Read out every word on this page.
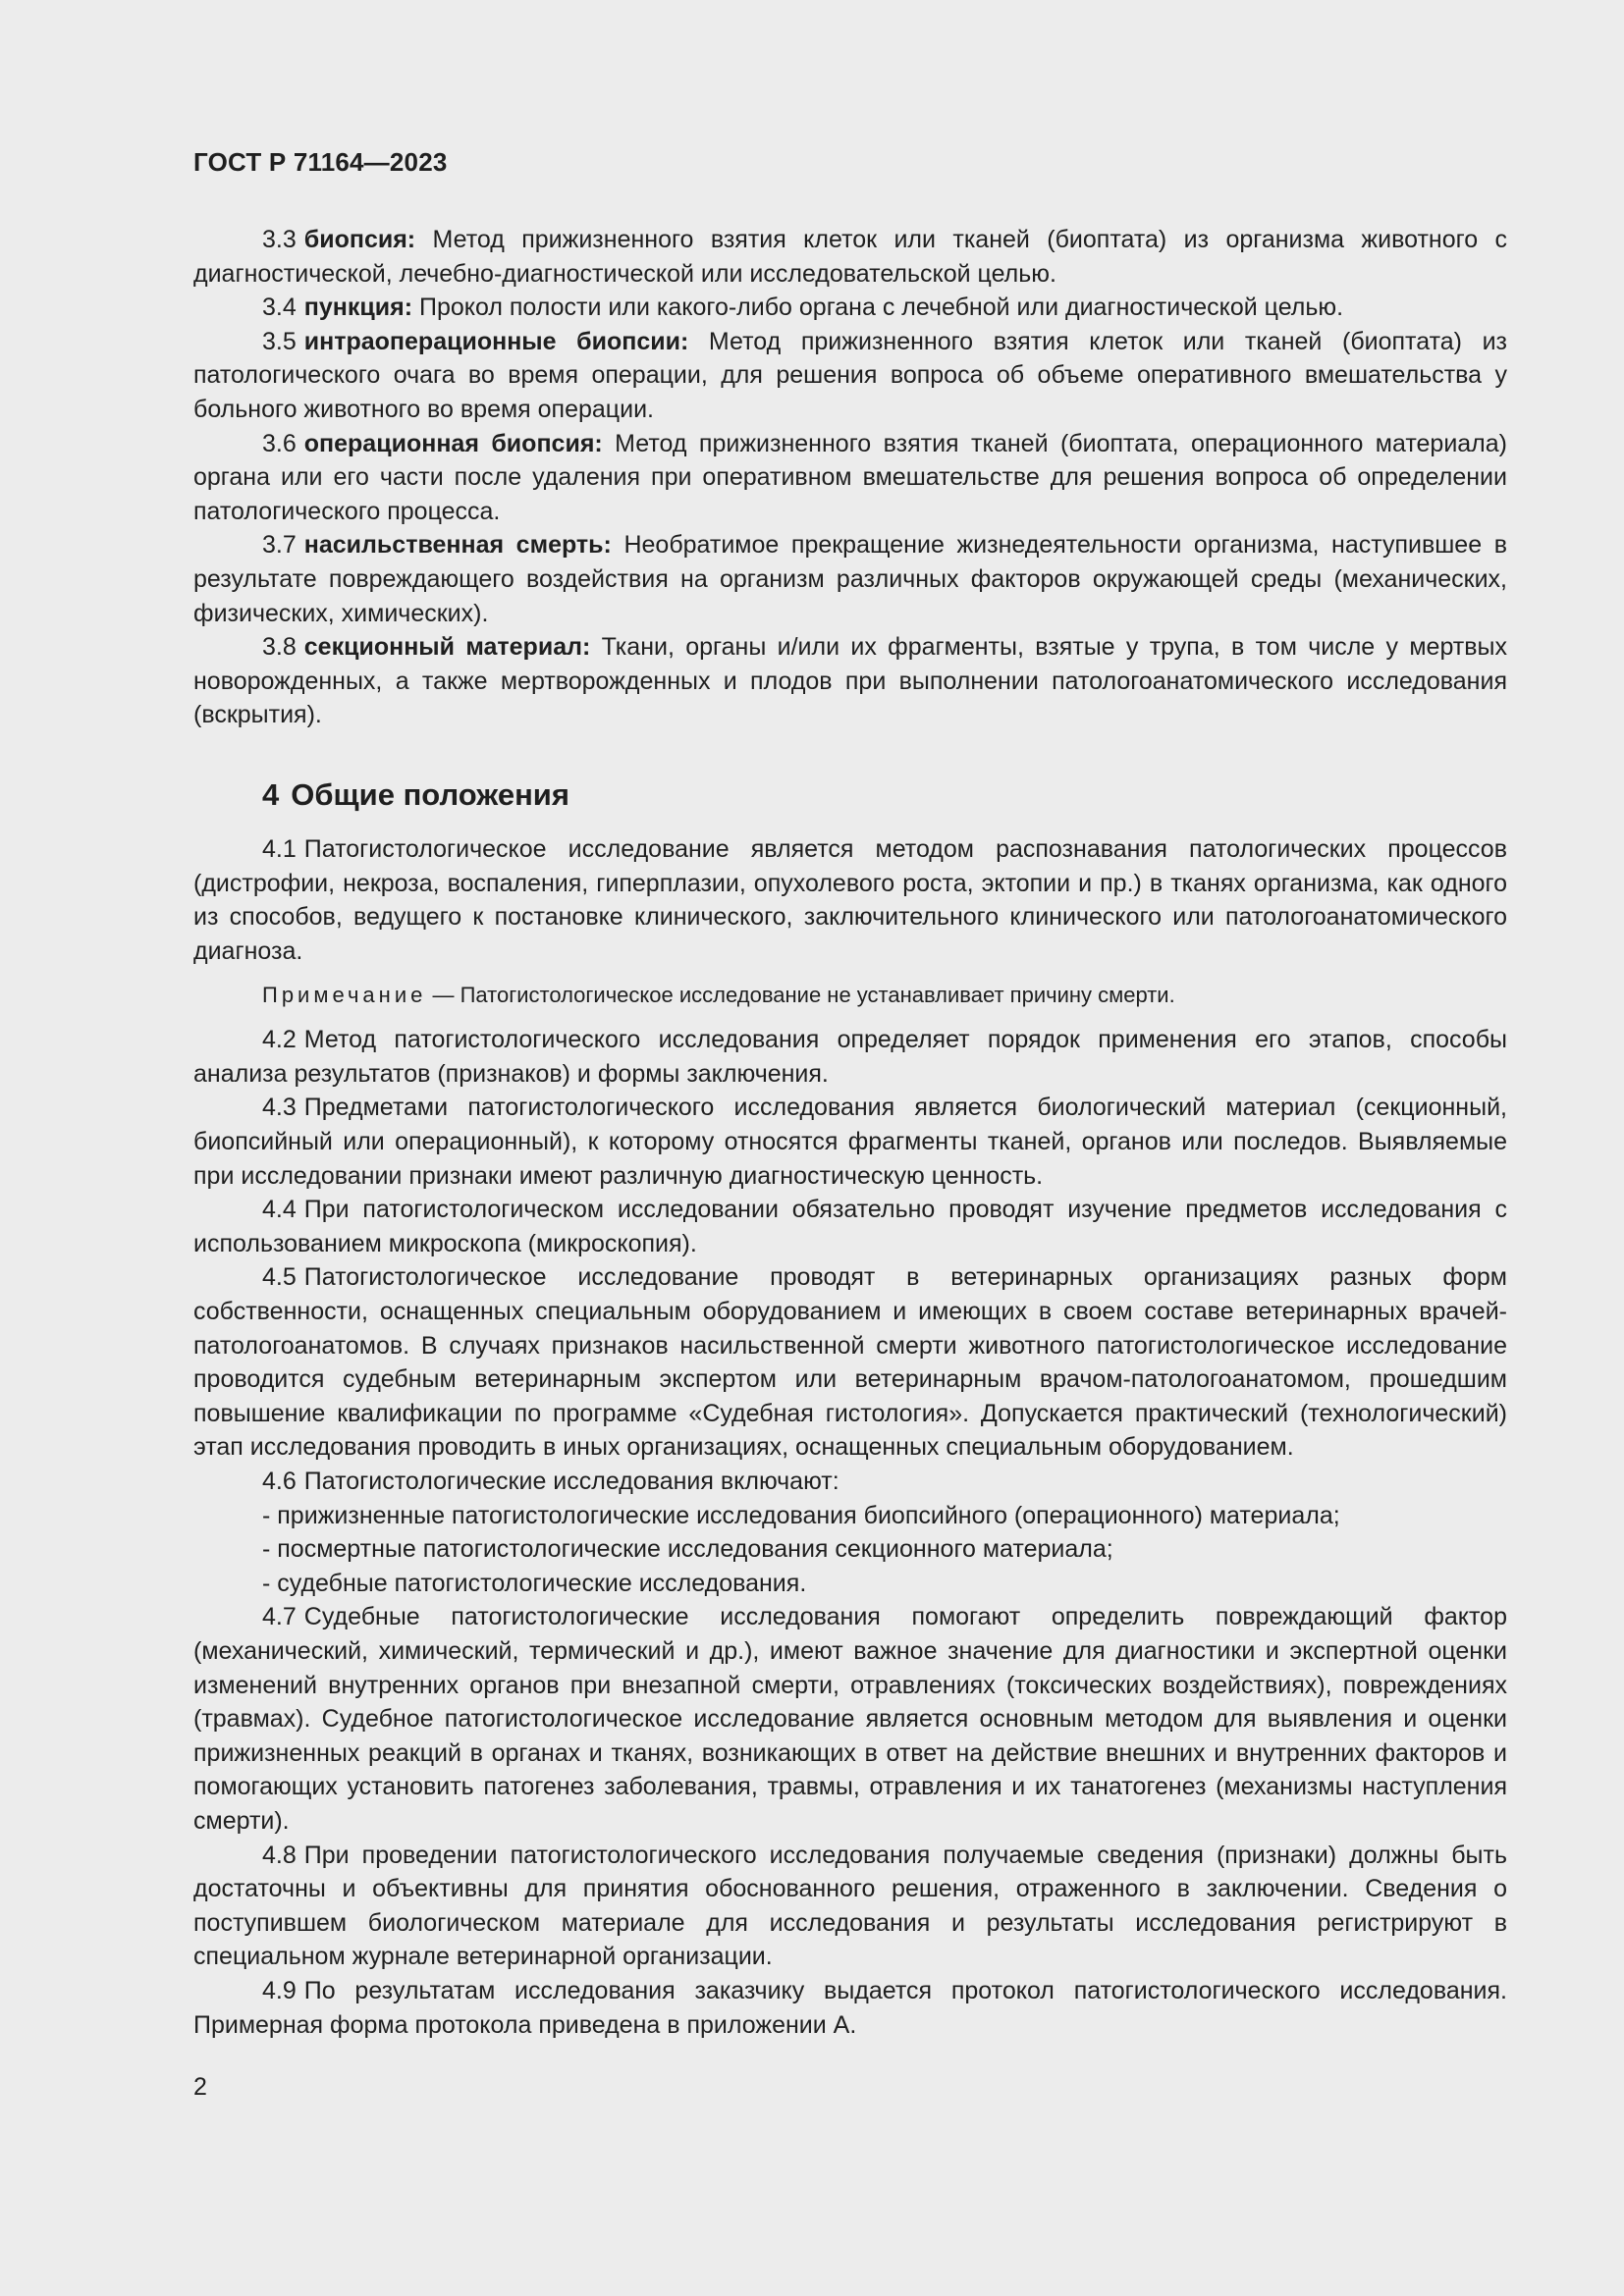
ГОСТ Р 71164—2023

3.3 биопсия: Метод прижизненного взятия клеток или тканей (биоптата) из организма животного с диагностической, лечебно-диагностической или исследовательской целью.

3.4 пункция: Прокол полости или какого-либо органа с лечебной или диагностической целью.

3.5 интраоперационные биопсии: Метод прижизненного взятия клеток или тканей (биоптата) из патологического очага во время операции, для решения вопроса об объеме оперативного вмешательства у больного животного во время операции.

3.6 операционная биопсия: Метод прижизненного взятия тканей (биоптата, операционного материала) органа или его части после удаления при оперативном вмешательстве для решения вопроса об определении патологического процесса.

3.7 насильственная смерть: Необратимое прекращение жизнедеятельности организма, наступившее в результате повреждающего воздействия на организм различных факторов окружающей среды (механических, физических, химических).

3.8 секционный материал: Ткани, органы и/или их фрагменты, взятые у трупа, в том числе у мертвых новорожденных, а также мертворожденных и плодов при выполнении патологоанатомического исследования (вскрытия).

4 Общие положения

4.1 Патогистологическое исследование является методом распознавания патологических процессов (дистрофии, некроза, воспаления, гиперплазии, опухолевого роста, эктопии и пр.) в тканях организма, как одного из способов, ведущего к постановке клинического, заключительного клинического или патологоанатомического диагноза.

Примечание — Патогистологическое исследование не устанавливает причину смерти.

4.2 Метод патогистологического исследования определяет порядок применения его этапов, способы анализа результатов (признаков) и формы заключения.

4.3 Предметами патогистологического исследования является биологический материал (секционный, биопсийный или операционный), к которому относятся фрагменты тканей, органов или последов. Выявляемые при исследовании признаки имеют различную диагностическую ценность.

4.4 При патогистологическом исследовании обязательно проводят изучение предметов исследования с использованием микроскопа (микроскопия).

4.5 Патогистологическое исследование проводят в ветеринарных организациях разных форм собственности, оснащенных специальным оборудованием и имеющих в своем составе ветеринарных врачей-патологоанатомов. В случаях признаков насильственной смерти животного патогистологическое исследование проводится судебным ветеринарным экспертом или ветеринарным врачом-патологоанатомом, прошедшим повышение квалификации по программе «Судебная гистология». Допускается практический (технологический) этап исследования проводить в иных организациях, оснащенных специальным оборудованием.

4.6 Патогистологические исследования включают:

- прижизненные патогистологические исследования биопсийного (операционного) материала;

- посмертные патогистологические исследования секционного материала;

- судебные патогистологические исследования.

4.7 Судебные патогистологические исследования помогают определить повреждающий фактор (механический, химический, термический и др.), имеют важное значение для диагностики и экспертной оценки изменений внутренних органов при внезапной смерти, отравлениях (токсических воздействиях), повреждениях (травмах). Судебное патогистологическое исследование является основным методом для выявления и оценки прижизненных реакций в органах и тканях, возникающих в ответ на действие внешних и внутренних факторов и помогающих установить патогенез заболевания, травмы, отравления и их танатогенез (механизмы наступления смерти).

4.8 При проведении патогистологического исследования получаемые сведения (признаки) должны быть достаточны и объективны для принятия обоснованного решения, отраженного в заключении. Сведения о поступившем биологическом материале для исследования и результаты исследования регистрируют в специальном журнале ветеринарной организации.

4.9 По результатам исследования заказчику выдается протокол патогистологического исследования. Примерная форма протокола приведена в приложении А.

2
